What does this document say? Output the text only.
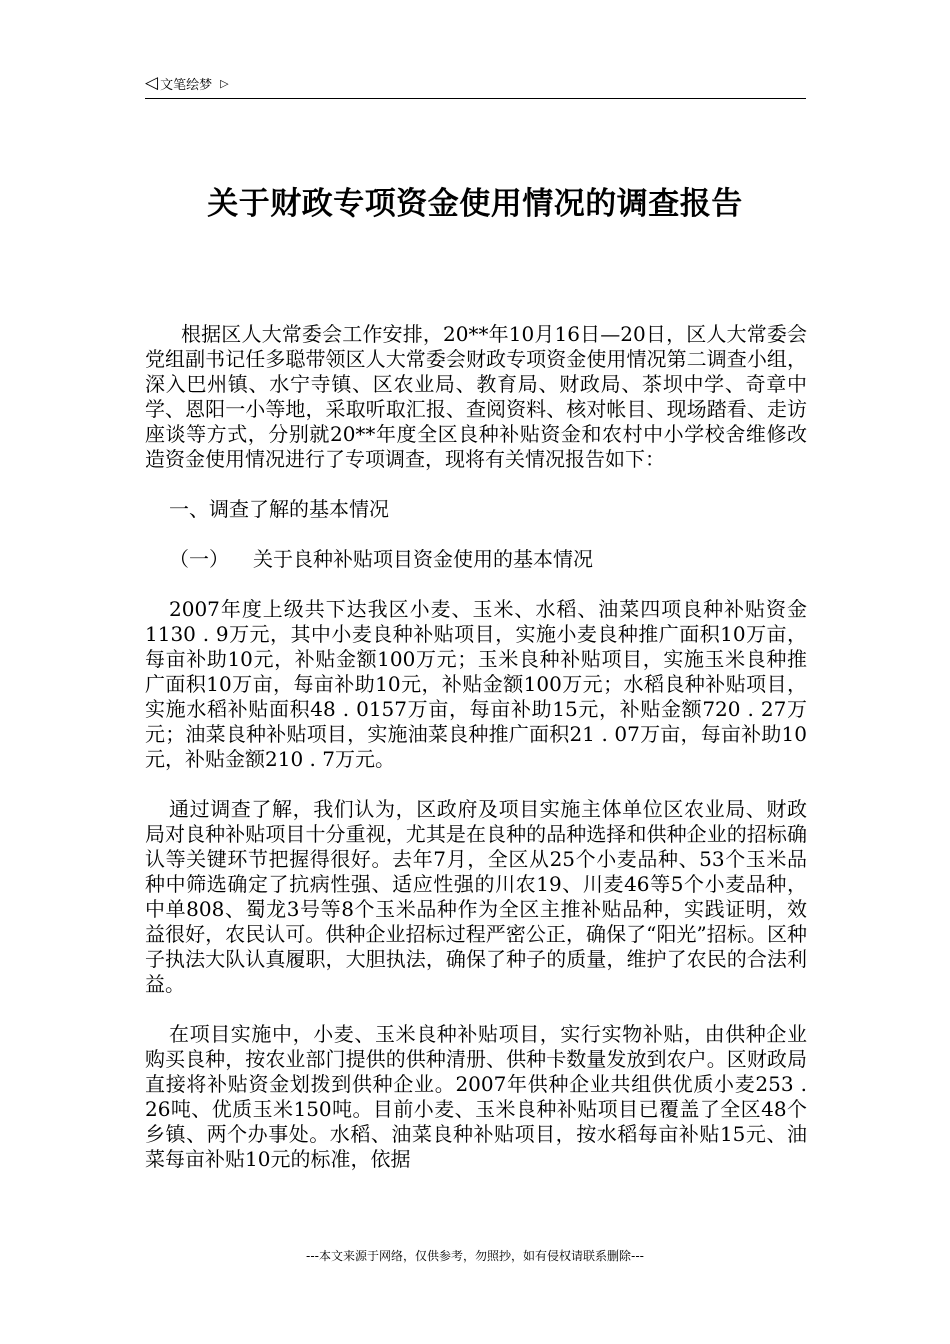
◁ 文笔绘梦 ▷
关于财政专项资金使用情况的调查报告

根据区人大常委会工作安排，20**年10月16日—20日，区人大常委会党组副书记任多聪带领区人大常委会财政专项资金使用情况第二调查小组，深入巴州镇、水宁寺镇、区农业局、教育局、财政局、茶坝中学、奇章中学、恩阳一小等地，采取听取汇报、查阅资料、核对帐目、现场踏看、走访座谈等方式，分别就20**年度全区良种补贴资金和农村中小学校舍维修改造资金使用情况进行了专项调查，现将有关情况报告如下：

一、调查了解的基本情况

（一） 关于良种补贴项目资金使用的基本情况

2007年度上级共下达我区小麦、玉米、水稻、油菜四项良种补贴资金1130 . 9万元，其中小麦良种补贴项目，实施小麦良种推广面积10万亩，每亩补助10元，补贴金额100万元；玉米良种补贴项目，实施玉米良种推广面积10万亩，每亩补助10元，补贴金额100万元；水稻良种补贴项目，实施水稻补贴面积48 . 0157万亩，每亩补助15元，补贴金额720 . 27万元；油菜良种补贴项目，实施油菜良种推广面积21 . 07万亩，每亩补助10元，补贴金额210 . 7万元。

通过调查了解，我们认为，区政府及项目实施主体单位区农业局、财政局对良种补贴项目十分重视，尤其是在良种的品种选择和供种企业的招标确认等关键环节把握得很好。去年7月，全区从25个小麦品种、53个玉米品种中筛选确定了抗病性强、适应性强的川农19、川麦46等5个小麦品种，中单808、蜀龙3号等8个玉米品种作为全区主推补贴品种，实践证明，效益很好，农民认可。供种企业招标过程严密公正，确保了“阳光”招标。区种子执法大队认真履职，大胆执法，确保了种子的质量，维护了农民的合法利益。

在项目实施中，小麦、玉米良种补贴项目，实行实物补贴，由供种企业购买良种，按农业部门提供的供种清册、供种卡数量发放到农户。区财政局直接将补贴资金划拨到供种企业。2007年供种企业共组供优质小麦253 . 26吨、优质玉米150吨。目前小麦、玉米良种补贴项目已覆盖了全区48个乡镇、两个办事处。水稻、油菜良种补贴项目，按水稻每亩补贴15元、油菜每亩补贴10元的标准，依据

---本文来源于网络，仅供参考，勿照抄，如有侵权请联系删除---
